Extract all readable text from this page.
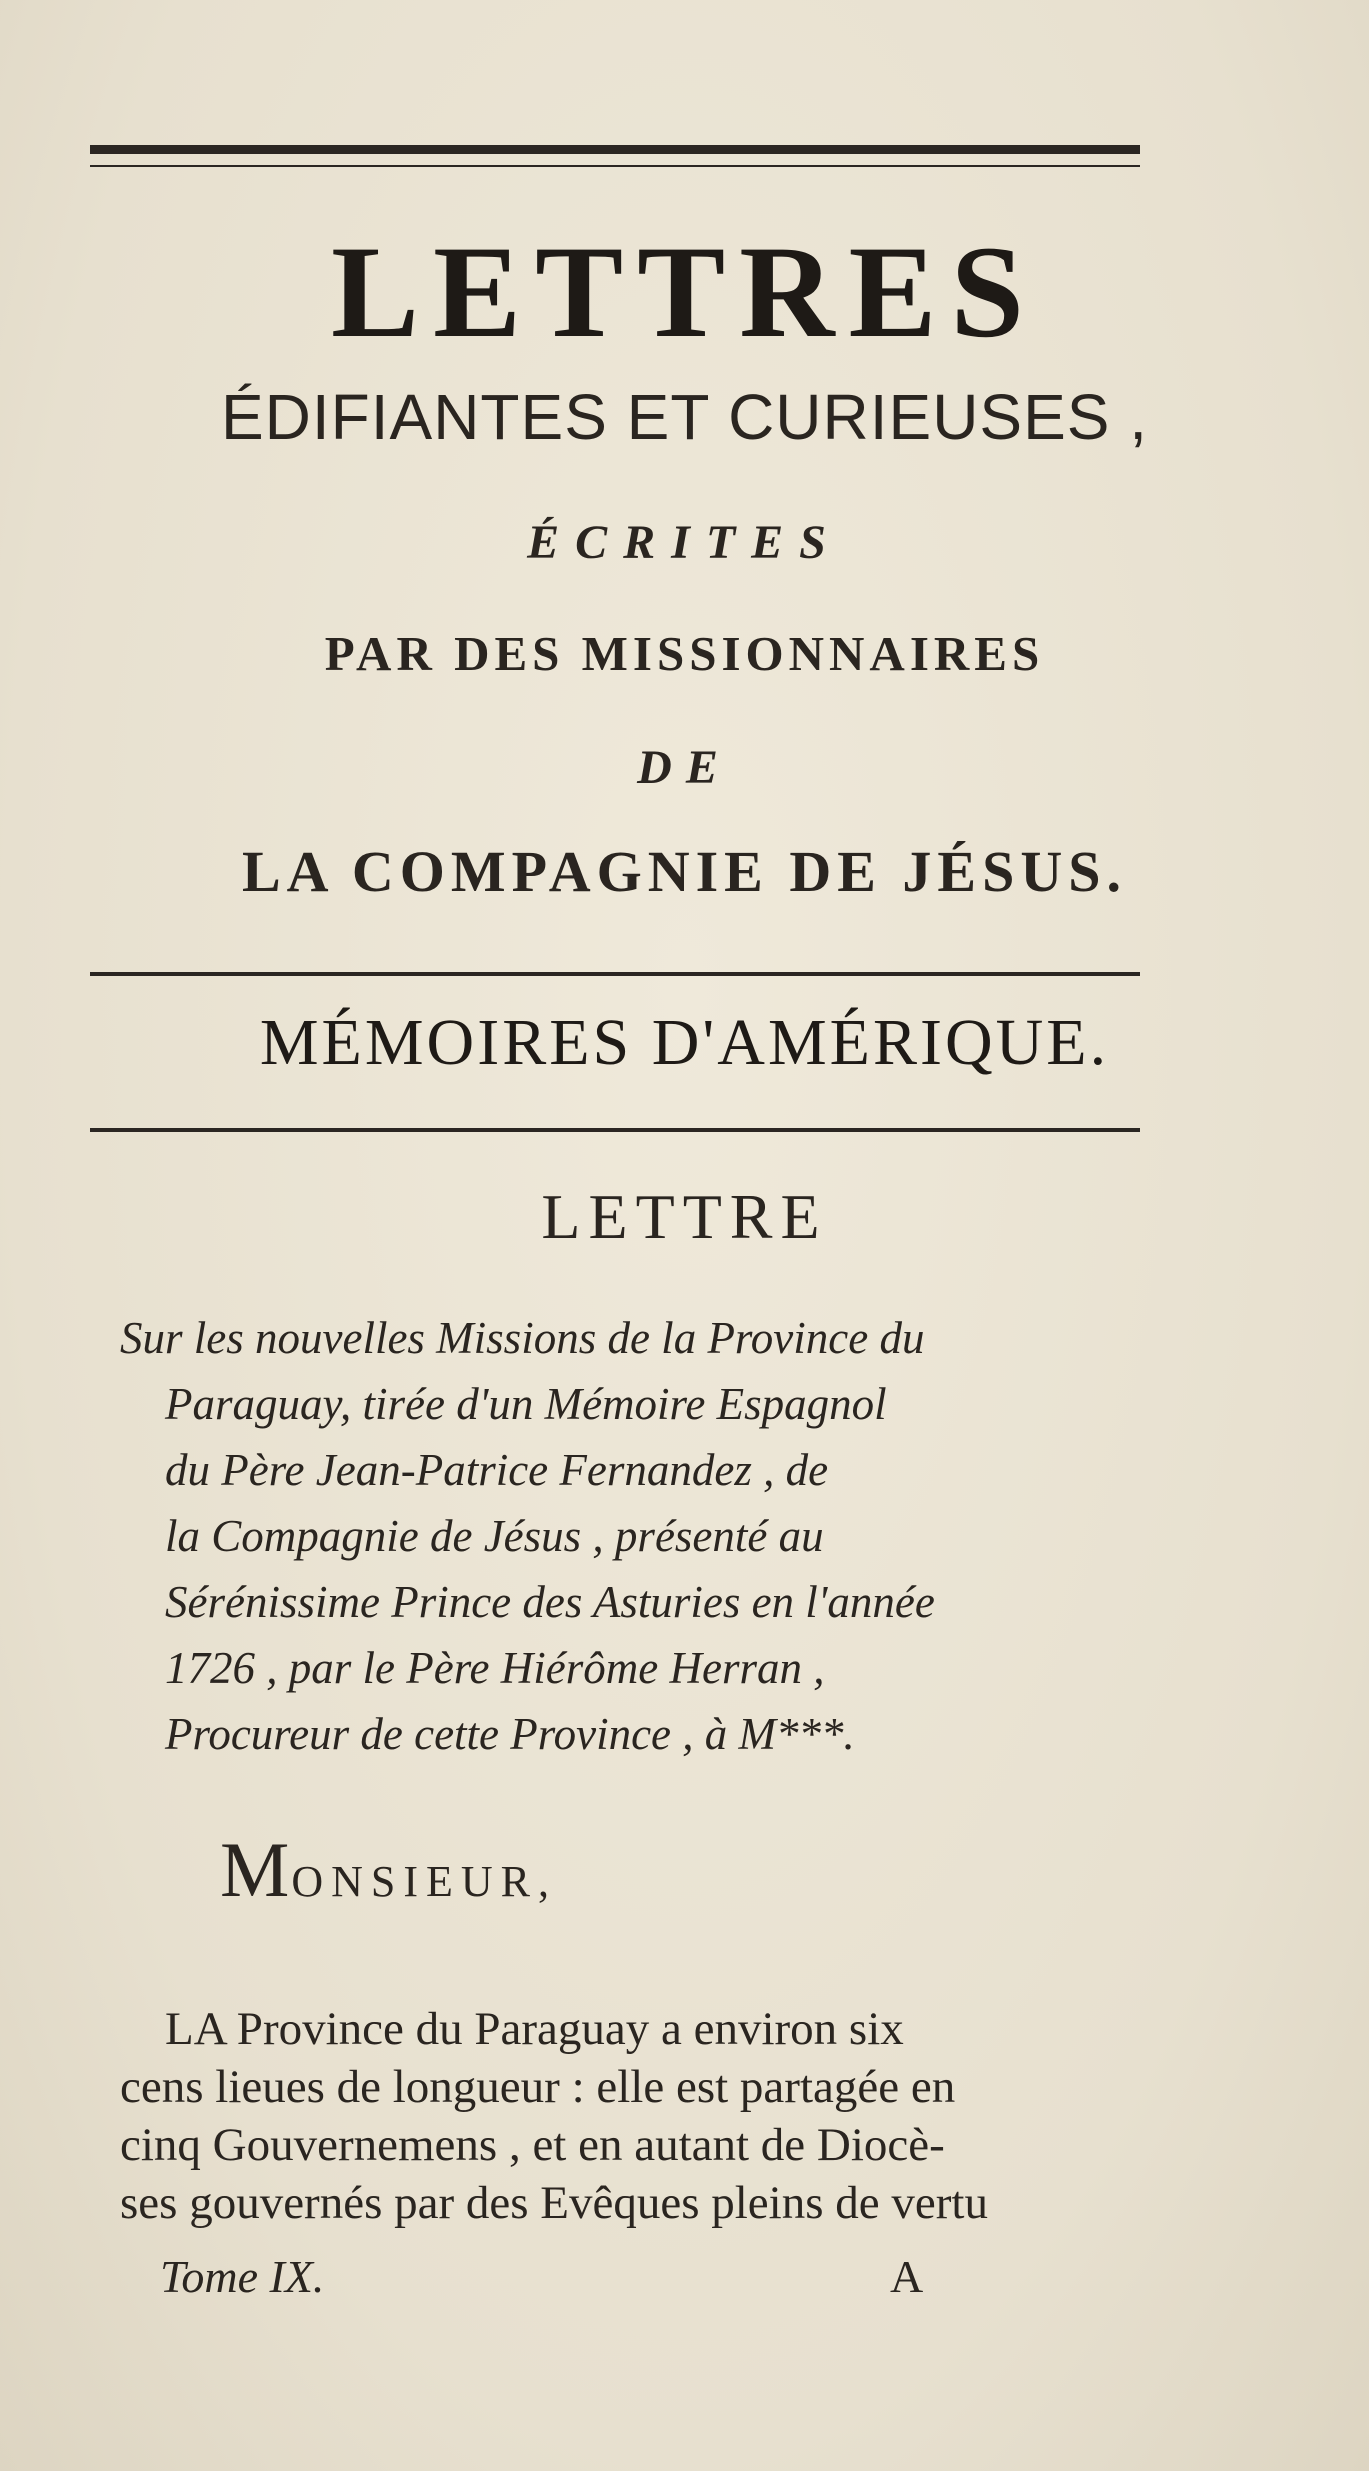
LETTRES
ÉDIFIANTES ET CURIEUSES ,
ÉCRITES
PAR DES MISSIONNAIRES
DE
LA COMPAGNIE DE JÉSUS.
MÉMOIRES D'AMÉRIQUE.
LETTRE
Sur les nouvelles Missions de la Province du
Paraguay, tirée d'un Mémoire Espagnol
du Père Jean-Patrice Fernandez , de
la Compagnie de Jésus , présenté au
Sérénissime Prince des Asturies en l'année
1726 , par le Père Hiérôme Herran ,
Procureur de cette Province , à M***.
MONSIEUR,
LA Province du Paraguay a environ six
cens lieues de longueur : elle est partagée en
cinq Gouvernemens , et en autant de Diocè-
ses gouvernés par des Evêques pleins de vertu
Tome IX.	A
